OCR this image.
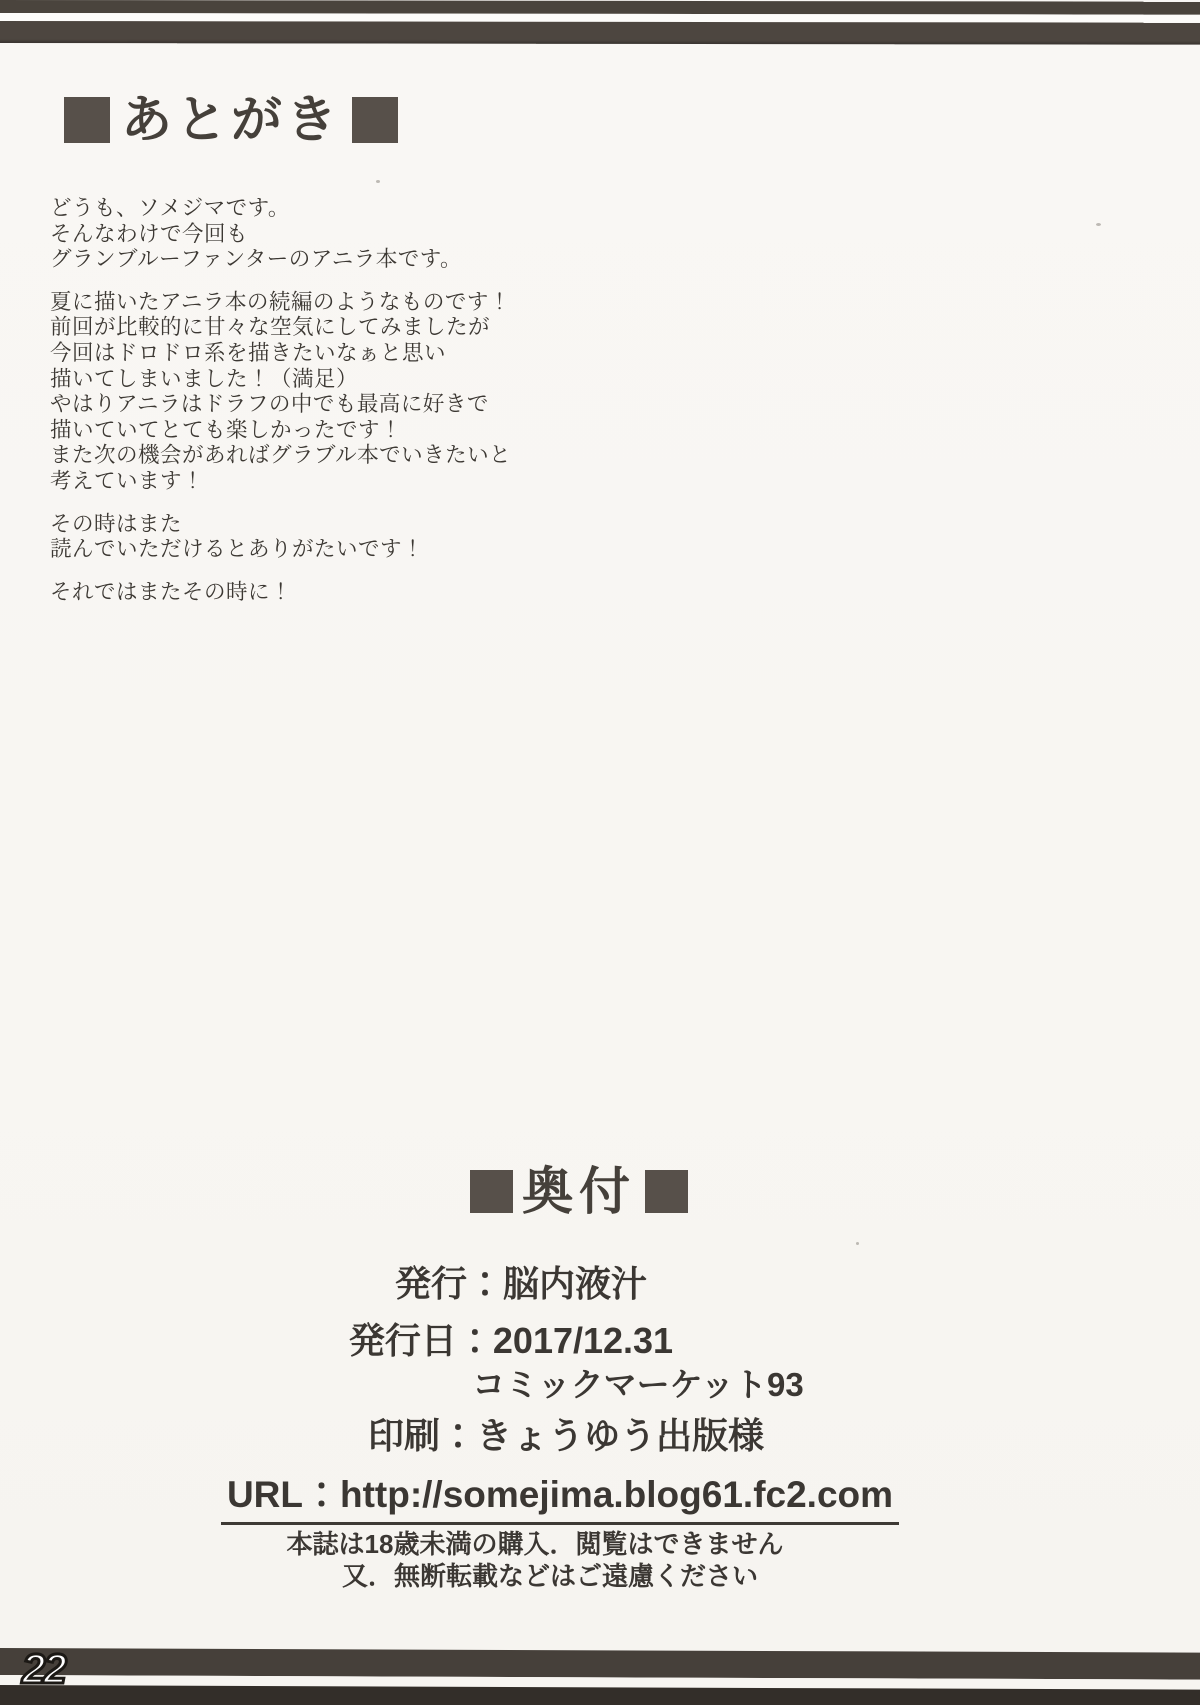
あとがき
どうも、ソメジマです。
そんなわけで今回も
グランブルーファンターのアニラ本です。
夏に描いたアニラ本の続編のようなものです！
前回が比較的に甘々な空気にしてみましたが
今回はドロドロ系を描きたいなぁと思い
描いてしまいました！（満足）
やはりアニラはドラフの中でも最高に好きで
描いていてとても楽しかったです！
また次の機会があればグラブル本でいきたいと
考えています！
その時はまた
読んでいただけるとありがたいです！
それではまたその時に！
奥付
発行：脳内液汁
発行日：2017/12.31
コミックマーケット93
印刷：きょうゆう出版様
URL：http://somejima.blog61.fc2.com
本誌は18歳未満の購入．閲覧はできません
又．無断転載などはご遠慮ください
22
